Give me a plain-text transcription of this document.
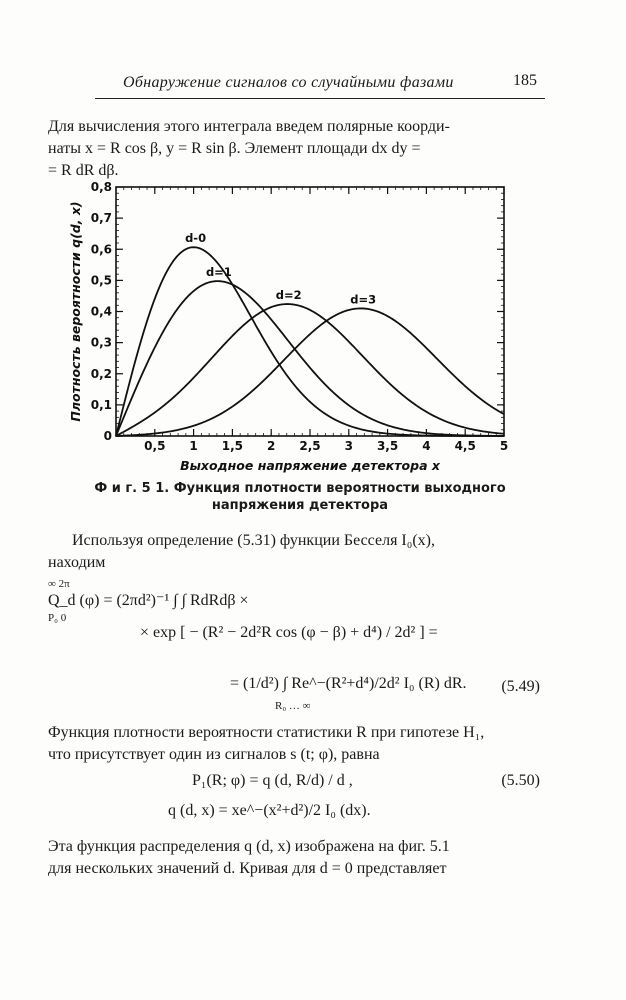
Обнаружение сигналов со случайными фазами	185
Для вычисления этого интеграла введем полярные коорди-
наты x = R cos β, y = R sin β. Элемент площади dx dy =
= R dR dβ.
0,5 1 1,5 2 2,5 3 3,5 4 4,5 5
0
0,1
0,2
0,3
0,4
0,5
0,6
0,7
0,8
Выходное напряжение детектора x
Плотность вероятности q(d, x)	d-0
d=1
d=2	d=3
Ф и г. 5 1. Функция плотности вероятности выходного
напряжения детектора
Используя определение (5.31) функции Бесселя I₀(x),
находим
∞ 2π
Q_d (φ) = (2πd²)⁻¹ ∫ ∫ RdRdβ ×
P₀ 0
× exp [ − (R² − 2d²R cos (φ − β) + d⁴) / 2d² ] =
= (1/d²) ∫ Re^−(R²+d⁴)/2d² I₀ (R) dR.
R₀ … ∞
(5.49)
Функция плотности вероятности статистики R при гипотезе H₁,
что присутствует один из сигналов s (t; φ), равна
P₁(R; φ) = q (d, R/d) / d ,	(5.50)
q (d, x) = xe^−(x²+d²)/2 I₀ (dx).
Эта функция распределения q (d, x) изображена на фиг. 5.1
для нескольких значений d. Кривая для d = 0 представляет
